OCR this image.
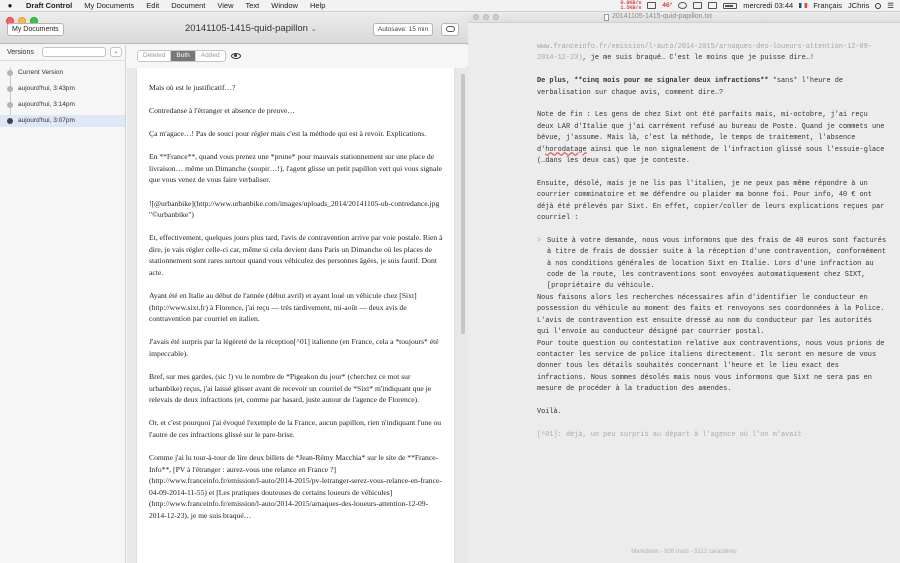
●	Draft Control	My Documents	Edit	Document	View	Text	Window	Help	0.8KB/s
1.5KB/s	46°	mercredi 03:44	Français JChris ☰
My Documents	20141105-1415-quid-papillon ⌄	Autosave: 15 min
Versions	⌄
Current Version
aujourd'hui, 3:43pm
aujourd'hui, 3:14pm
aujourd'hui, 3:07pm
Deleted	Both	Added

Mais où est le justificatif…?

Contredanse à l'étranger et absence de preuve…

Ça m'agace…! Pas de souci pour régler mais c'est la méthode qui est à revoir. Explications.

En **France**, quand vous prenez une *prune* pour mauvais stationnement sur une place de livraison… même un Dimanche (soupir…!), l'agent glisse un petit papillon vert qui vous signale que vous venez de vous faire verbaliser.

![@urbanbike](http://www.urbanbike.com/images/uploads_2014/20141105-ub-contredance.jpg "©urbanbike")

Et, effectivement, quelques jours plus tard, l'avis de contravention arrive par voie postale. Rien à dire, je vais régler celle-ci car, même si cela devient dans Paris un Dimanche où les places de stationnement sont rares surtout quand vous véhiculez des personnes âgées, je suis fautif. Dont acte.

Ayant été en Italie au début de l'année (début avril) et ayant loué un véhicule chez [Sixt](http://www.sixt.fr) à Florence, j'ai reçu — très tardivement, mi-août — deux avis de contravention par courriel en italien.

J'avais été surpris par la légèreté de la réception[^01] italienne (en France, cela a *toujours* été impeccable).

Bref, sur mes gardes, (sic !) vu le nombre de *Pigeakon du jour* (cherchez ce mot sur urbanbike) reçus, j'ai laissé glisser avant de recevoir un courriel de *Sixt* m'indiquant que je relevais de deux infractions (et, comme par hasard, juste autour de l'agence de Florence).

Or, et c'est pourquoi j'ai évoqué l'exemple de la France, aucun papillon, rien n'indiquant l'une ou l'autre de ces infractions glissé sur le pare-brise.

Comme j'ai lu tour-à-tour de lire deux billets de *Jean-Rémy Macchia* sur le site de **France-Info**, [PV à l'étranger : aurez-vous une relance en France ?](http://www.franceinfo.fr/emission/l-auto/2014-2015/pv-letranger-serez-vous-relance-en-france-04-09-2014-11-55) et [Les pratiques douteuses de certains loueurs de véhicules](http://www.franceinfo.fr/emission/l-auto/2014-2015/arnaques-des-loueurs-attention-12-09-2014-12-23), je me suis braqué…

20141105-1415-quid-papillon.txt

www.franceinfo.fr/emission/l-auto/2014-2015/arnaques-des-loueurs-attention-12-09-2014-12-23), je me suis braqué… C'est le moins que je puisse dire…!

De plus, **cinq mois pour me signaler deux infractions** *sans* l'heure de verbalisation sur chaque avis, comment dire…?

Note de fin : Les gens de chez Sixt ont été parfaits mais, mi-octobre, j'ai reçu deux LAR d'Italie que j'ai carrément refusé au bureau de Poste. Quand je commets une bévue, j'assume. Mais là, c'est la méthode, le temps de traitement, l'absence d'horodatage ainsi que le non signalement de l'infraction glissé sous l'essuie-glace (…dans les deux cas) que je conteste.

Ensuite, désolé, mais je ne lis pas l'italien, je ne peux pas même répondre à un courrier comminatoire et me défendre ou plaider ma bonne foi. Pour info, 40 € ont déjà été prélevés par Sixt. En effet, copier/coller de leurs explications reçues par courriel :

> Suite à votre demande, nous vous informons que des frais de 40 euros sont facturés à titre de frais de dossier suite à la réception d'une contravention, conformément à nos conditions générales de location Sixt en Italie. Lors d'une infraction au code de la route, les contraventions sont envoyées automatiquement chez SIXT, [propriétaire du véhicule.

Nous faisons alors les recherches nécessaires afin d'identifier le conducteur en possession du véhicule au moment des faits et renvoyons ses coordonnées à la Police. L'avis de contravention est ensuite dressé au nom du conducteur par les autorités qui l'envoie au conducteur désigné par courrier postal.
Pour toute question ou contestation relative aux contraventions, nous vous prions de contacter les service de police italiens directement. Ils seront en mesure de vous donner tous les détails souhaités concernant l'heure et le lieu exact des infractions. Nous sommes désolés mais nous vous informons que Sixt ne sera pas en mesure de procéder à la traduction des amendes.

Voilà.

[^01]: déjà, un peu surpris au départ à l'agence où l'on m'avait

Markdown - 926 mots - 5112 caractères
